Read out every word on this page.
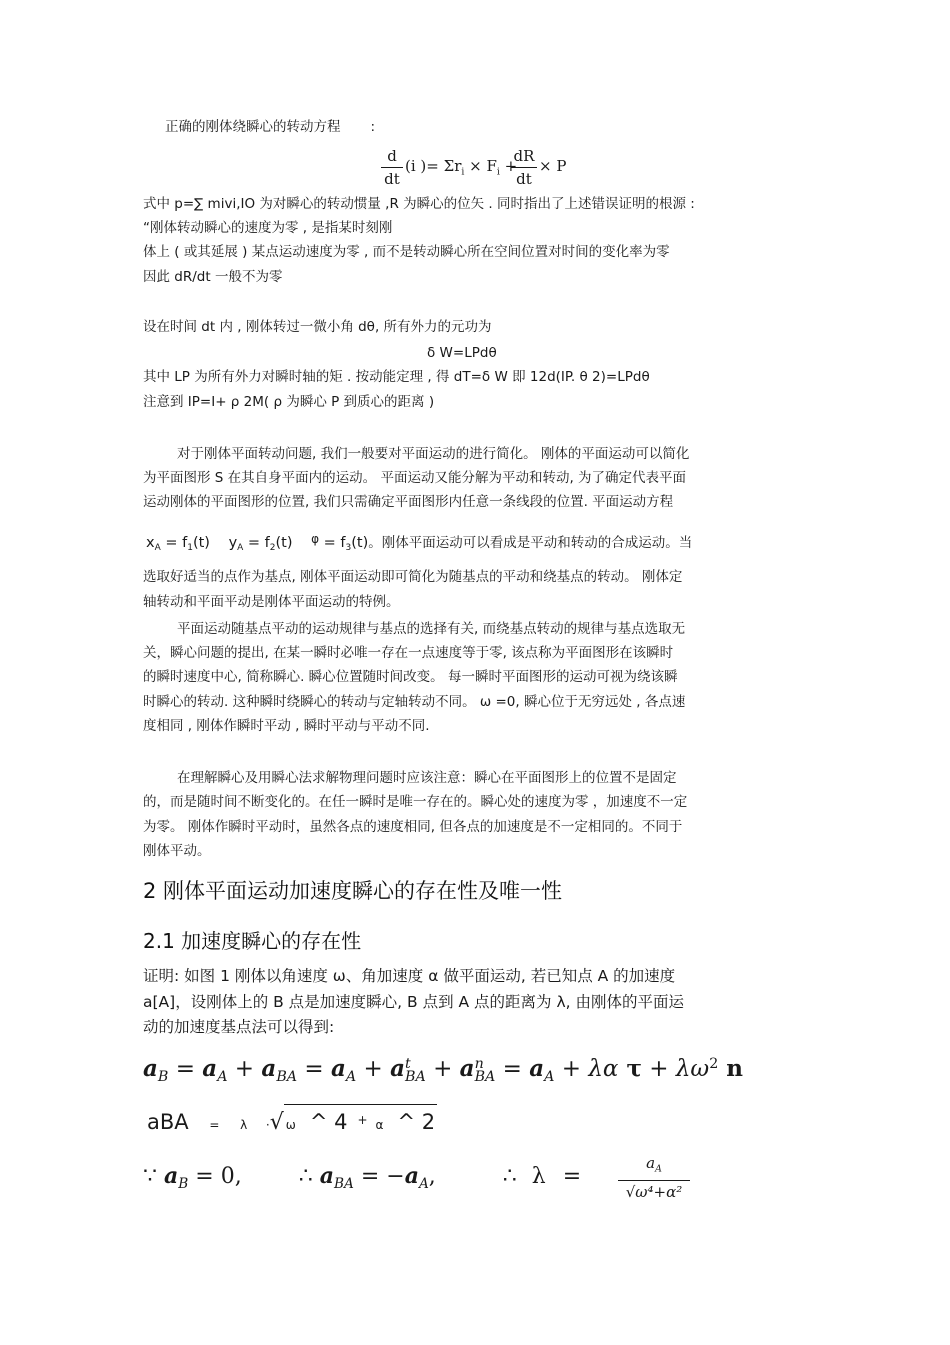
正确的刚体绕瞬心的转动方程 :
d
dt
(i )= $\Sigma r_i \times F_i$ +
dR
dt
× P
式中 p=∑ mivi,IO 为对瞬心的转动惯量 ,R 为瞬心的位矢 . 同时指出了上述错误证明的根源 :
“刚体转动瞬心的速度为零 , 是指某时刻刚
体上 ( 或其延展 ) 某点运动速度为零 , 而不是转动瞬心所在空间位置对时间的变化率为零
因此 dR/dt 一般不为零
设在时间 dt 内 , 刚体转过一微小角 dθ, 所有外力的元功为
δ W=LPdθ
其中 LP 为所有外力对瞬时轴的矩 . 按动能定理 , 得 dT=δ W 即 12d(IP. θ 2)=LPdθ
注意到 IP=I+ ρ 2M( ρ 为瞬心 P 到质心的距离 )
对于刚体平面转动问题, 我们一般要对平面运动的进行简化。 刚体的平面运动可以简化
为平面图形 S 在其自身平面内的运动。 平面运动又能分解为平动和转动, 为了确定代表平面
运动刚体的平面图形的位置, 我们只需确定平面图形内任意一条线段的位置. 平面运动方程
$x_A = f_1(t) y_A = f_2(t) ^\varphi = f_3(t)$。刚体平面运动可以看成是平动和转动的合成运动。当
选取好适当的点作为基点, 刚体平面运动即可简化为随基点的平动和绕基点的转动。 刚体定
轴转动和平面平动是刚体平面运动的特例。
平面运动随基点平动的运动规律与基点的选择有关, 而绕基点转动的规律与基点选取无
关，瞬心问题的提出, 在某一瞬时必唯一存在一点速度等于零, 该点称为平面图形在该瞬时
的瞬时速度中心, 简称瞬心. 瞬心位置随时间改变。 每一瞬时平面图形的运动可视为绕该瞬
时瞬心的转动. 这种瞬时绕瞬心的转动与定轴转动不同。 ω =0, 瞬心位于无穷远处 , 各点速
度相同 , 刚体作瞬时平动 , 瞬时平动与平动不同.
在理解瞬心及用瞬心法求解物理问题时应该注意：瞬心在平面图形上的位置不是固定
的，而是随时间不断变化的。在任一瞬时是唯一存在的。瞬心处的速度为零 ，加速度不一定
为零。 刚体作瞬时平动时，虽然各点的速度相同, 但各点的加速度是不一定相同的。不同于
刚体平动。
2 刚体平面运动加速度瞬心的存在性及唯一性
2.1 加速度瞬心的存在性
证明: 如图 1 刚体以角速度 ω、角加速度 α 做平面运动, 若已知点 A 的加速度
a[A]，设刚体上的 B 点是加速度瞬心, B 点到 A 点的距离为 λ, 由刚体的平面运
动的加速度基点法可以得到:
$a_B = a_A + a_{BA} = a_A + a$ t
BA + a n
BA = $a_A + \lambda\alpha$ $\tau + \lambda\omega^2$ n
aBA = λ ·√ ω ^ 4 + α ^ 2
∵ $a_B = 0$,	∴ $a_{BA} = -a_A$,	∴ λ =
$a_A$
√ω⁴+α²
